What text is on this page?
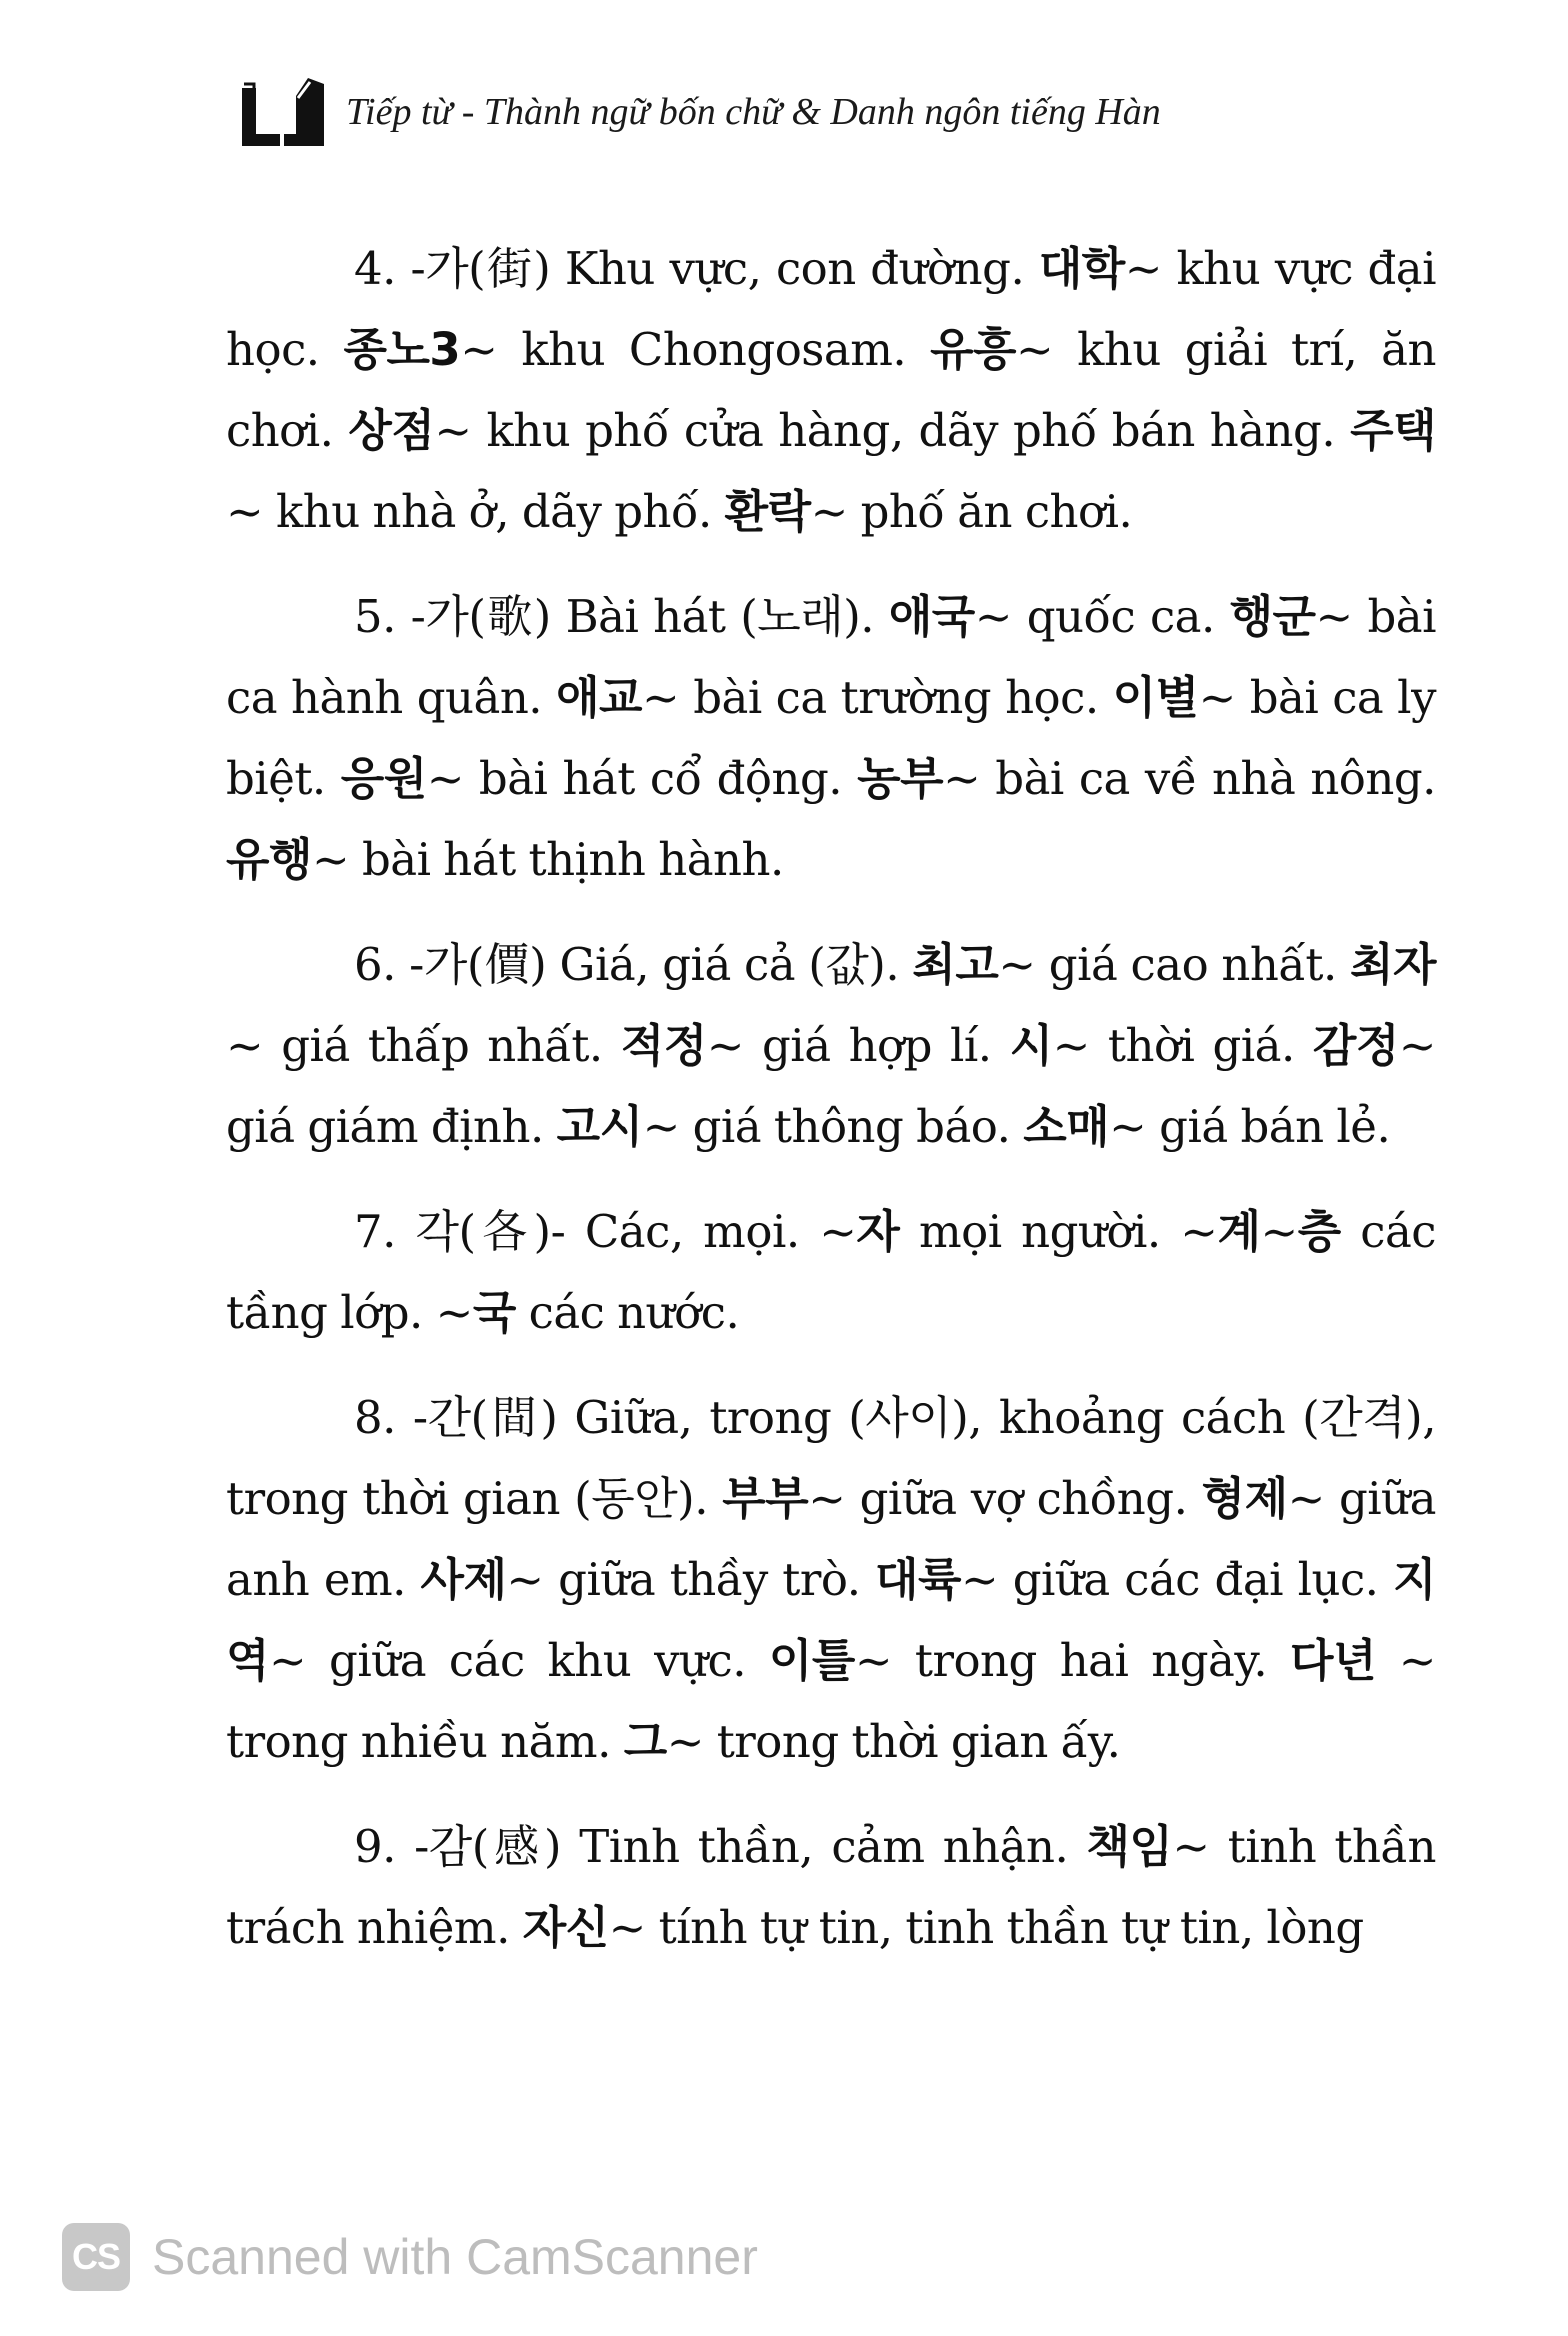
Tiếp từ - Thành ngữ bốn chữ & Danh ngôn tiếng Hàn

4. -가(街) Khu vực, con đường. 대학~ khu vực đại học. 종노3~ khu Chongosam. 유흥~ khu giải trí, ăn chơi. 상점~ khu phố cửa hàng, dãy phố bán hàng. 주택~ khu nhà ở, dãy phố. 환락~ phố ăn chơi.

5. -가(歌) Bài hát (노래). 애국~ quốc ca. 행군~ bài ca hành quân. 애교~ bài ca trường học. 이별~ bài ca ly biệt. 응원~ bài hát cổ động. 농부~ bài ca về nhà nông. 유행~ bài hát thịnh hành.

6. -가(價) Giá, giá cả (값). 최고~ giá cao nhất. 최자~ giá thấp nhất. 적정~ giá hợp lí. 시~ thời giá. 감정~ giá giám định. 고시~ giá thông báo. 소매~ giá bán lẻ.

7. 각(各)- Các, mọi. ~자 mọi người. ~계~층 các tầng lớp. ~국 các nước.

8. -간(間) Giữa, trong (사이), khoảng cách (간격), trong thời gian (동안). 부부~ giữa vợ chồng. 형제~ giữa anh em. 사제~ giữa thầy trò. 대륙~ giữa các đại lục. 지역~ giữa các khu vực. 이틀~ trong hai ngày. 다년 ~ trong nhiều năm. 그~ trong thời gian ấy.

9. -감(感) Tinh thần, cảm nhận. 책임~ tinh thần trách nhiệm. 자신~ tính tự tin, tinh thần tự tin, lòng

CS Scanned with CamScanner
